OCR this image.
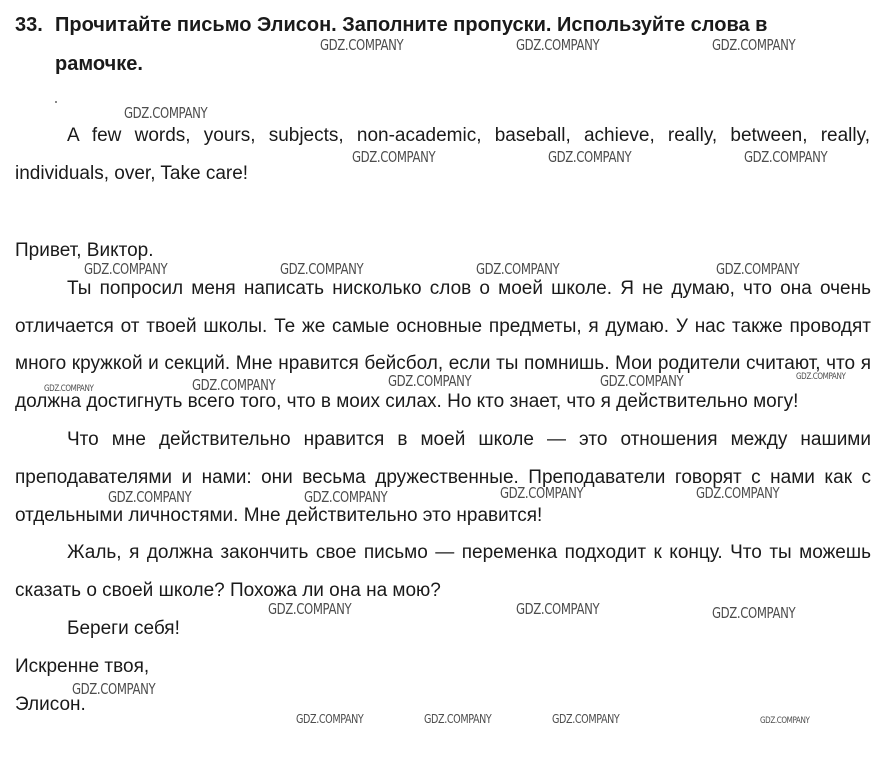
33. Прочитайте письмо Элисон. Заполните пропуски. Используйте слова в
рамочке.

A few words, yours, subjects, non-academic, baseball, achieve, really, between, really, individuals, over, Take care!

Привет, Виктор.

Ты попросил меня написать нисколько слов о моей школе. Я не думаю, что она очень отличается от твоей школы. Те же самые основные предметы, я думаю. У нас также проводят много кружкой и секций. Мне нравится бейсбол, если ты помнишь. Мои родители считают, что я должна достигнуть всего того, что в моих силах. Но кто знает, что я действительно могу!

Что мне действительно нравится в моей школе — это отношения между нашими преподавателями и нами: они весьма дружественные. Преподаватели говорят с нами как с отдельными личностями. Мне действительно это нравится!

Жаль, я должна закончить свое письмо — переменка подходит к концу. Что ты можешь сказать о своей школе? Похожа ли она на мою?

Береги себя!

Искренне твоя,

Элисон.

GDZ.COMPANY	GDZ.COMPANY	GDZ.COMPANY
GDZ.COMPANY
GDZ.COMPANY	GDZ.COMPANY	GDZ.COMPANY
GDZ.COMPANY	GDZ.COMPANY	GDZ.COMPANY	GDZ.COMPANY
GDZ.COMPANY	GDZ.COMPANY	GDZ.COMPANY	GDZ.COMPANY	GDZ.COMPANY
GDZ.COMPANY	GDZ.COMPANY	GDZ.COMPANY	GDZ.COMPANY
GDZ.COMPANY	GDZ.COMPANY	GDZ.COMPANY
GDZ.COMPANY
GDZ.COMPANY	GDZ.COMPANY	GDZ.COMPANY	GDZ.COMPANY
